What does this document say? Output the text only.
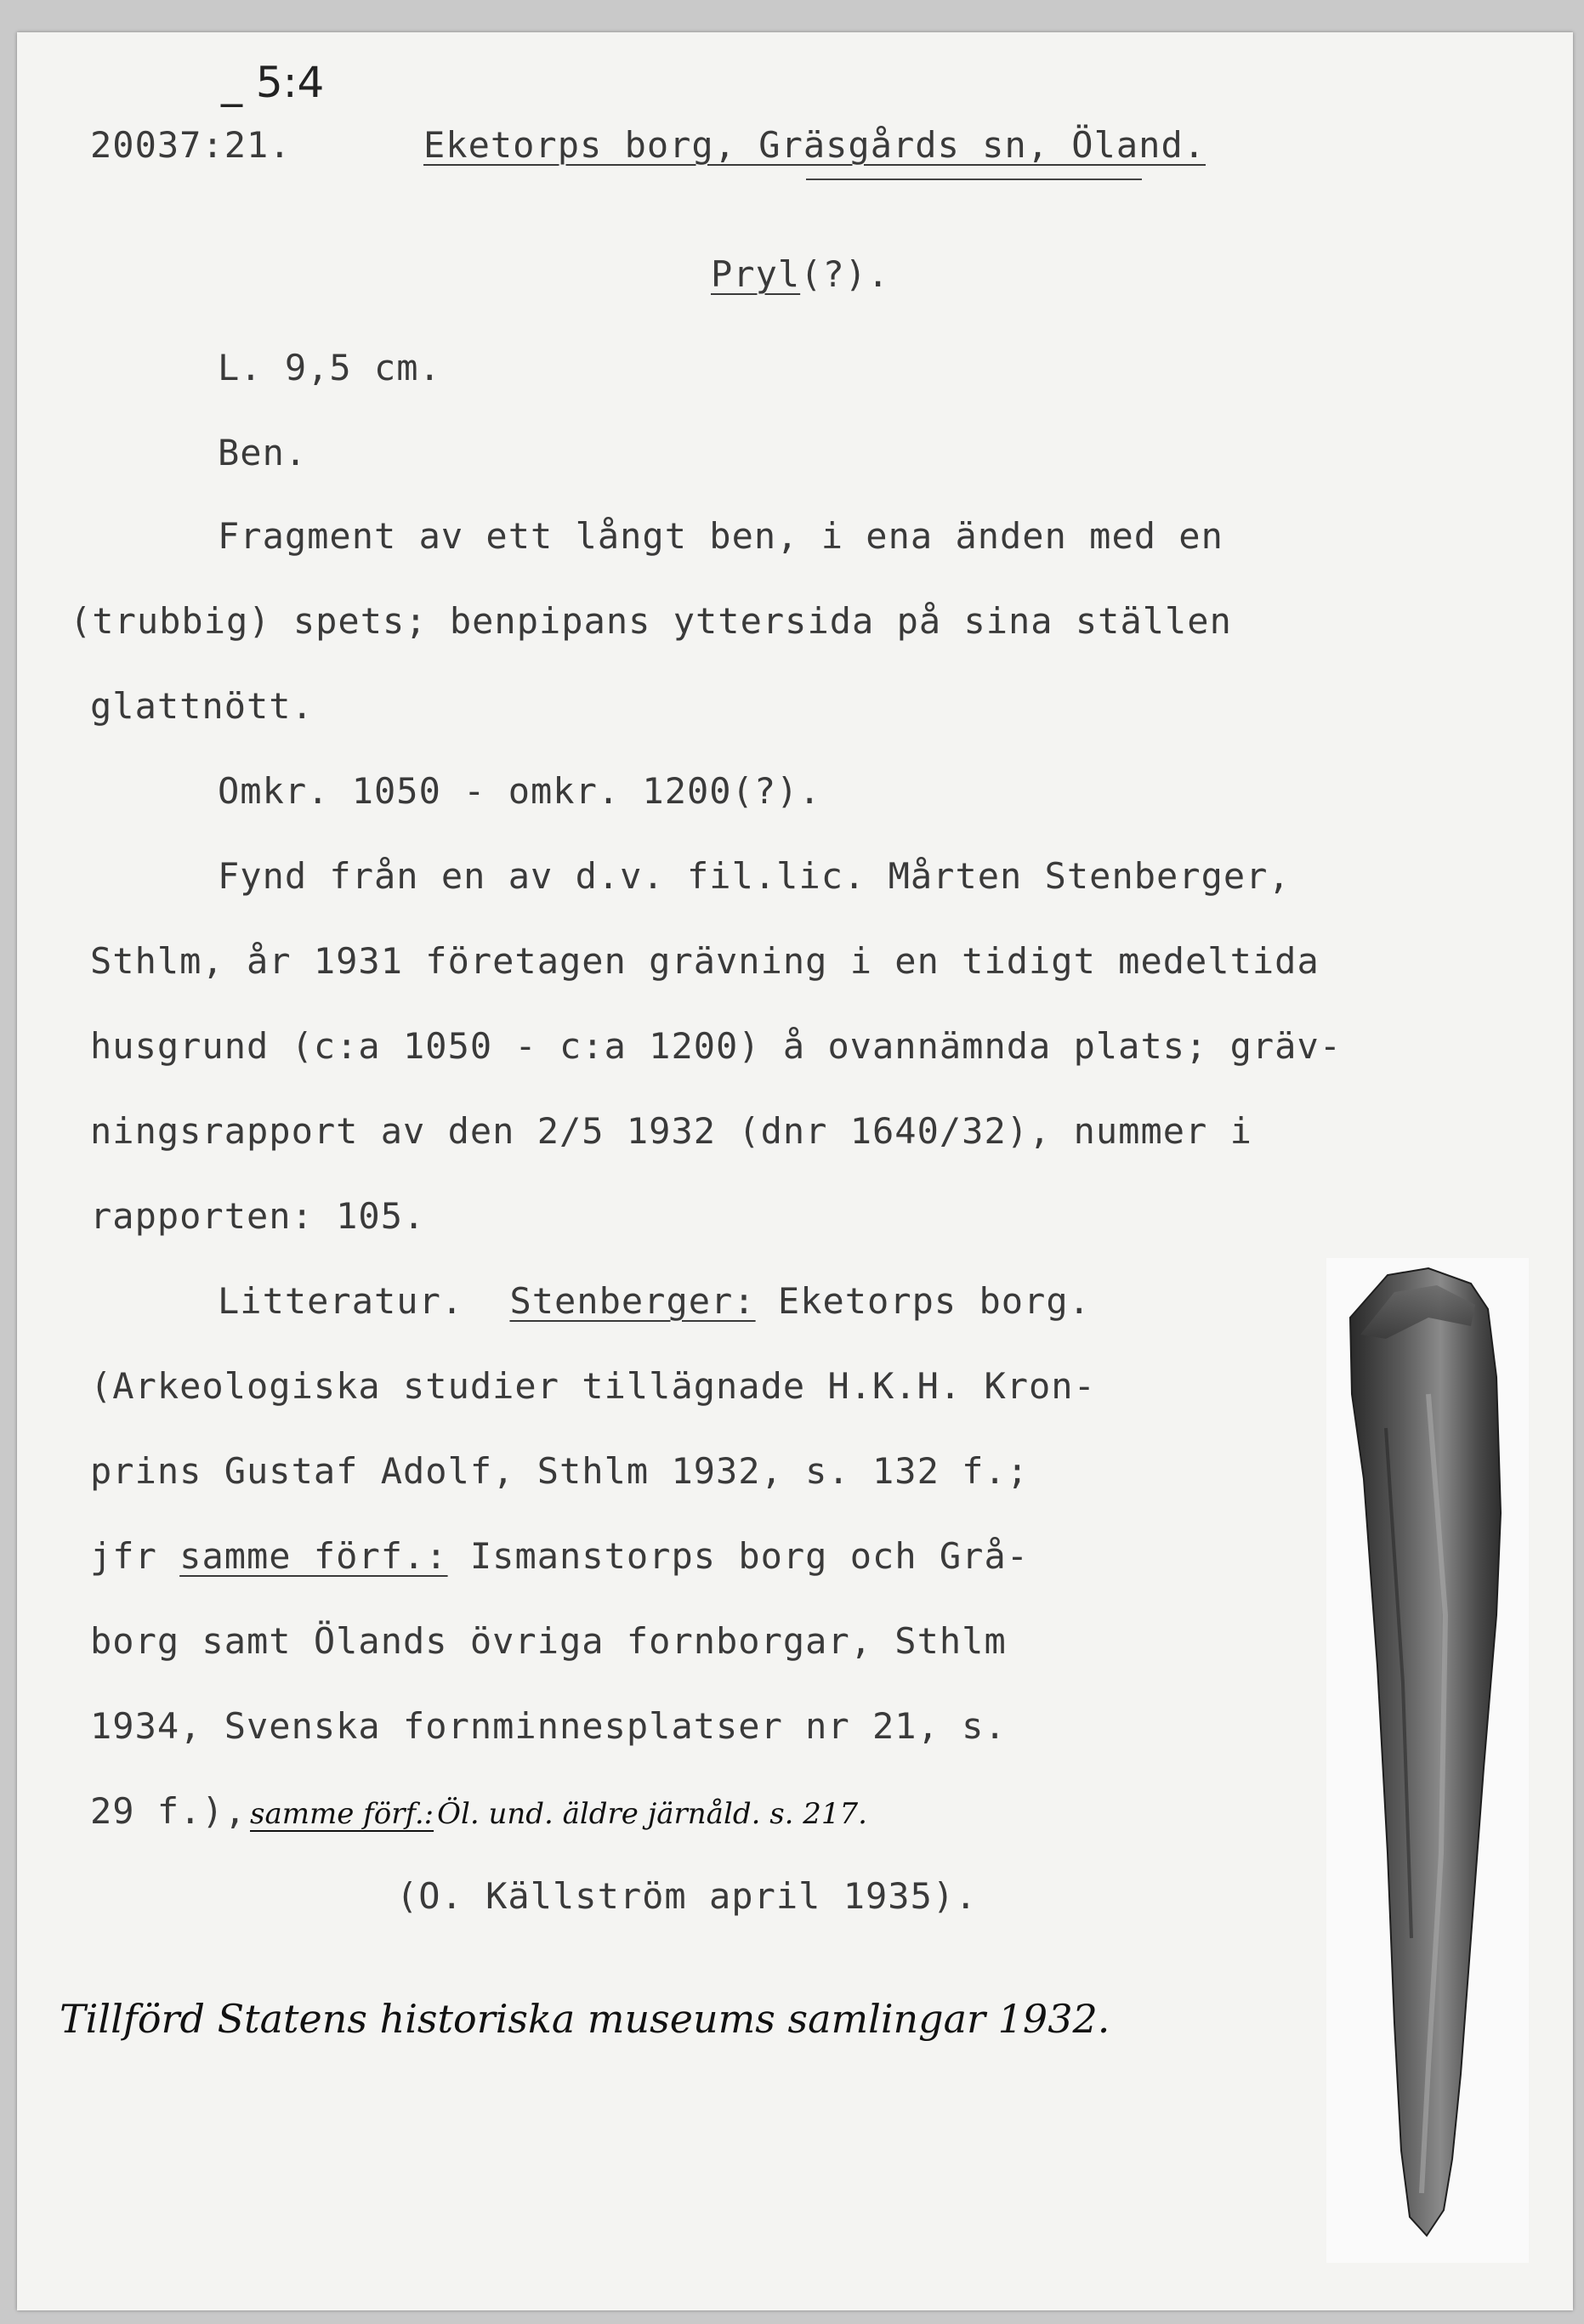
_ 5:4
20037:21.	Eketorps borg, Gräsgårds sn, Öland.
Pryl(?).
L. 9,5 cm.
Ben.
Fragment av ett långt ben, i ena änden med en
(trubbig) spets; benpipans yttersida på sina ställen
glattnött.
Omkr. 1050 - omkr. 1200(?).
Fynd från en av d.v. fil.lic. Mårten Stenberger,
Sthlm, år 1931 företagen grävning i en tidigt medeltida
husgrund (c:a 1050 - c:a 1200) å ovannämnda plats; gräv-
ningsrapport av den 2/5 1932 (dnr 1640/32), nummer i
rapporten: 105.
Litteratur. Stenberger: Eketorps borg.
(Arkeologiska studier tillägnade H.K.H. Kron-
prins Gustaf Adolf, Sthlm 1932, s. 132 f.;
jfr samme förf.: Ismanstorps borg och Grå-
borg samt Ölands övriga fornborgar, Sthlm
1934, Svenska fornminnesplatser nr 21, s.
29 f.), samme förf.: Öl. und. äldre järnåld. s. 217.
(O. Källström april 1935).
Tillförd Statens historiska museums samlingar 1932.
